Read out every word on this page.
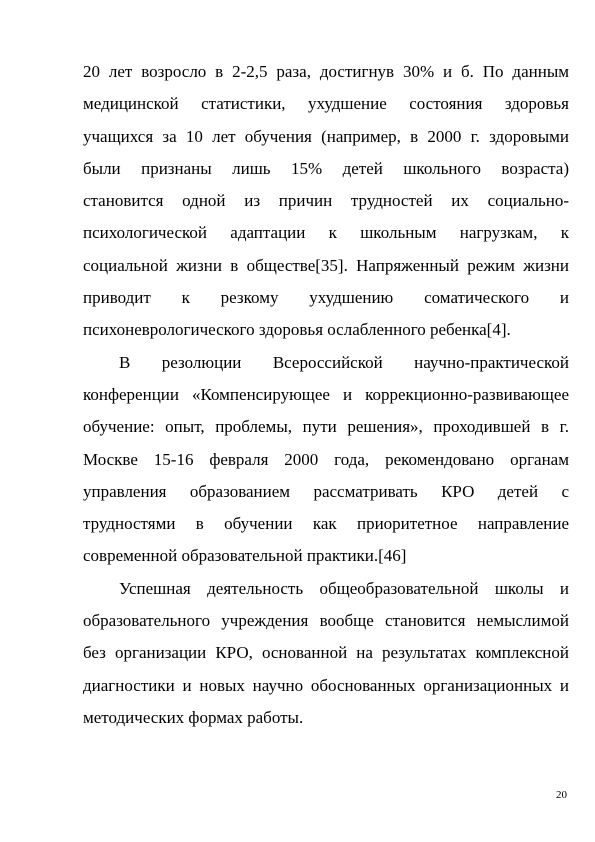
20 лет возросло в 2-2,5 раза, достигнув 30% и б. По данным
медицинской статистики, ухудшение состояния здоровья
учащихся за 10 лет обучения (например, в 2000 г. здоровыми
были признаны лишь 15% детей школьного возраста)
становится одной из причин трудностей их социально-
психологической адаптации к школьным нагрузкам, к
социальной жизни в обществе[35]. Напряженный режим жизни
приводит к резкому ухудшению соматического и
психоневрологического здоровья ослабленного ребенка[4].
В резолюции Всероссийской научно-практической
конференции «Компенсирующее и коррекционно-развивающее
обучение: опыт, проблемы, пути решения», проходившей в г.
Москве 15-16 февраля 2000 года, рекомендовано органам
управления образованием рассматривать КРО детей с
трудностями в обучении как приоритетное направление
современной образовательной практики.[46]
Успешная деятельность общеобразовательной школы и
образовательного учреждения вообще становится немыслимой
без организации КРО, основанной на результатах комплексной
диагностики и новых научно обоснованных организационных и
методических формах работы.
20
